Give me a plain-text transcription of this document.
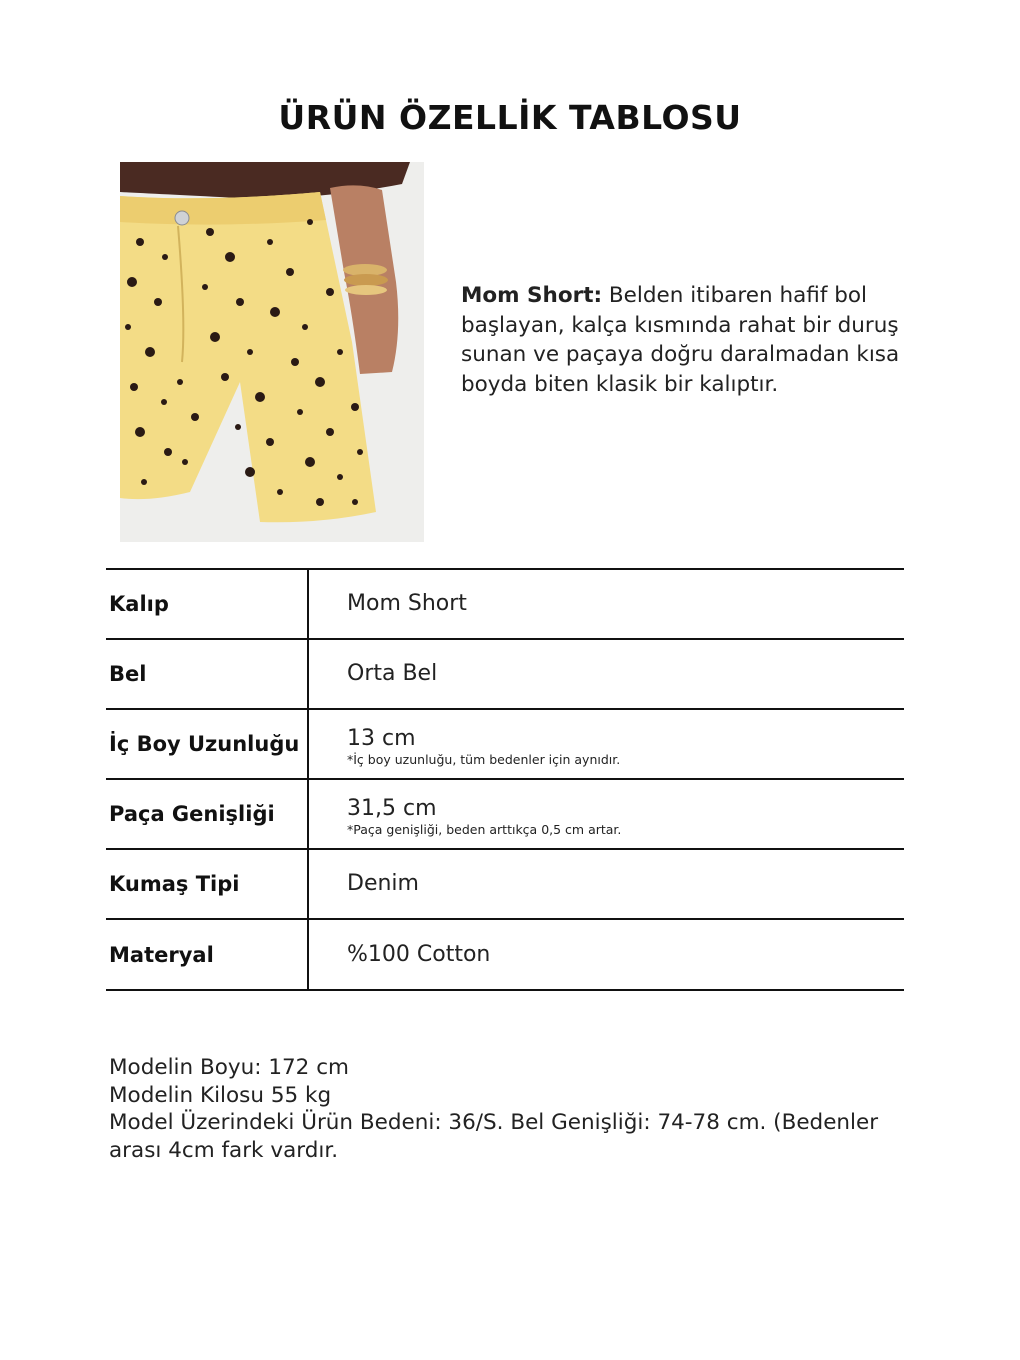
ÜRÜN ÖZELLİK TABLOSU

Mom Short: Belden itibaren hafif bol başlayan, kalça kısmında rahat bir duruş sunan ve paçaya doğru daralmadan kısa boyda biten klasik bir kalıptır.

Kalıp	Mom Short
Bel	Orta Bel
İç Boy Uzunluğu	13 cm
*İç boy uzunluğu, tüm bedenler için aynıdır.
Paça Genişliği	31,5 cm
*Paça genişliği, beden arttıkça 0,5 cm artar.
Kumaş Tipi	Denim
Materyal	%100 Cotton
Modelin Boyu: 172 cm
Modelin Kilosu 55 kg
Model Üzerindeki Ürün Bedeni: 36/S. Bel Genişliği: 74-78 cm. (Bedenler arası 4cm fark vardır.
